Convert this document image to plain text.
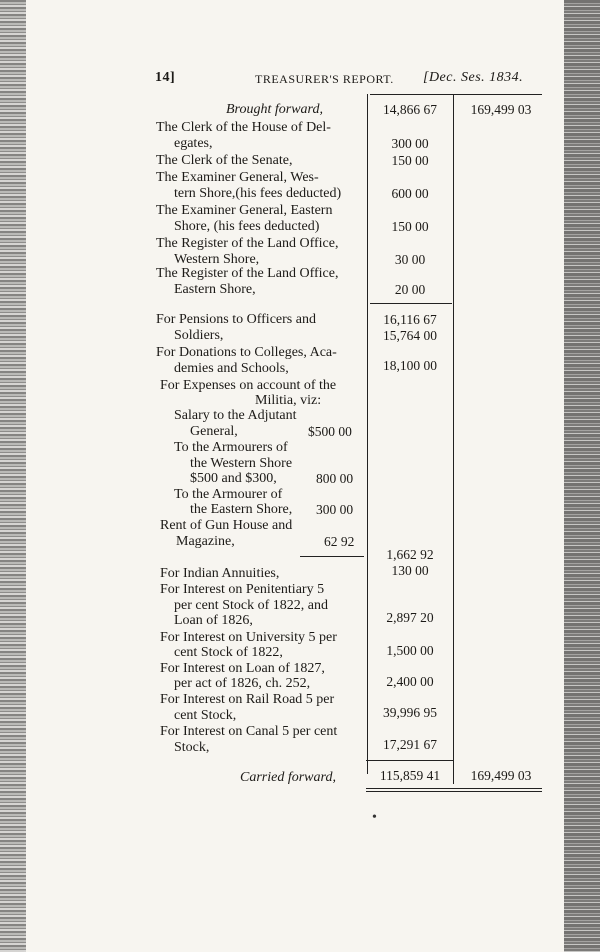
14]	TREASURER'S REPORT. [Dec. Ses. 1834.
Brought forward,	14,866 67	169,499 03
The Clerk of the House of Del-
egates,	300 00
The Clerk of the Senate,	150 00
The Examiner General, Wes-
tern Shore,(his fees deducted)	600 00
The Examiner General, Eastern
Shore, (his fees deducted)	150 00
The Register of the Land Office,
Western Shore,	30 00
The Register of the Land Office,
Eastern Shore,	20 00
16,116 67
For Pensions to Officers and
Soldiers,	15,764 00
For Donations to Colleges, Aca-
demies and Schools,	18,100 00
For Expenses on account of the
Militia, viz:
Salary to the Adjutant
General,	$500 00
To the Armourers of
the Western Shore
$500 and $300,	800 00
To the Armourer of
the Eastern Shore,	300 00
Rent of Gun House and
Magazine,	62 92
1,662 92
For Indian Annuities,	130 00
For Interest on Penitentiary 5
per cent Stock of 1822, and
Loan of 1826,	2,897 20
For Interest on University 5 per
cent Stock of 1822,	1,500 00
For Interest on Loan of 1827,
per act of 1826, ch. 252,	2,400 00
For Interest on Rail Road 5 per
cent Stock,	39,996 95
For Interest on Canal 5 per cent
Stock,	17,291 67
Carried forward,	115,859 41	169,499 03
•
